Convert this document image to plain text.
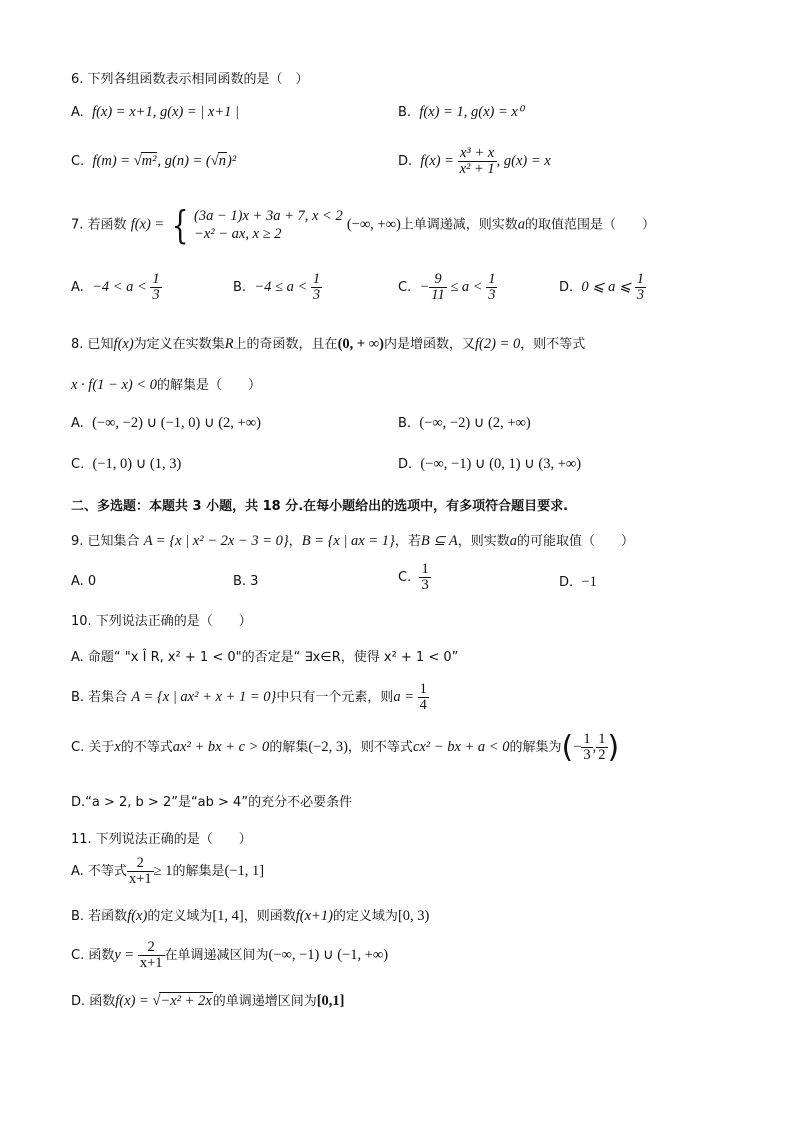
6. 下列各组函数表示相同函数的是（　）
A. f(x) = x+1, g(x) = | x+1 |	B. f(x) = 1, g(x) = x⁰
C. f(m) = √m², g(n) = (√n)²	D. $f(x) = \frac{\text{x³ + x}}{\text{x² + 1}}$ , g(x) = x
7. 若函数 f(x) = { (3a − 1)x + 3a + 7, x < 2
−x² − ax, x ≥ 2
(−∞, +∞)上单调递减，则实数a的取值范围是（　　）
A. $-4 < a < \frac{1}{3}$	B. $-4 \le a < \frac{1}{3}$	C. − $\frac{9}{11} \le a < \frac{1}{3}$	D. 0 ⩽ a ⩽ $\frac{1}{3}$
8. 已知f(x)为定义在实数集R上的奇函数，且在(0, + ∞)内是增函数，又f(2) = 0，则不等式
x · f(1 − x) < 0的解集是（　　）
A. (−∞, −2) ∪ (−1, 0) ∪ (2, +∞)	B. (−∞, −2) ∪ (2, +∞)
C. (−1, 0) ∪ (1, 3)	D. (−∞, −1) ∪ (0, 1) ∪ (3, +∞)
二、多选题：本题共 3 小题，共 18 分.在每小题给出的选项中，有多项符合题目要求.
9. 已知集合 A = {x | x² − 2x − 3 = 0}，B = {x | ax = 1}，若B ⊆ A，则实数a的可能取值（　　）
A. 0	B. 3	C. $\frac{1}{3}$	D. −1
10. 下列说法正确的是（　　）
A. 命题“ "x Î R, x² + 1 < 0"的否定是“ ∃x∈R，使得 x² + 1 < 0”
B. 若集合 A = {x | ax² + x + 1 = 0}中只有一个元素，则$a = \frac{1}{4}$
C. 关于x的不等式ax² + bx + c > 0的解集(−2, 3)，则不等式cx² − bx + a < 0的解集为(− $\frac{1}{3}$ , $\frac{1}{2}$ )
D.“a > 2, b > 2”是“ab > 4”的充分不必要条件
11. 下列说法正确的是（　　）
A. 不等式 $\frac{2}{x+1} \ge 1$的解集是(−1, 1]
B. 若函数f(x)的定义域为[1, 4]，则函数f(x+1)的定义域为[0, 3)
C. 函数$y = \frac{2}{x+1}$ 在单调递减区间为(−∞, −1) ∪ (−1, +∞)
D. 函数f(x) = √−x² + 2x的单调递增区间为[0,1]
